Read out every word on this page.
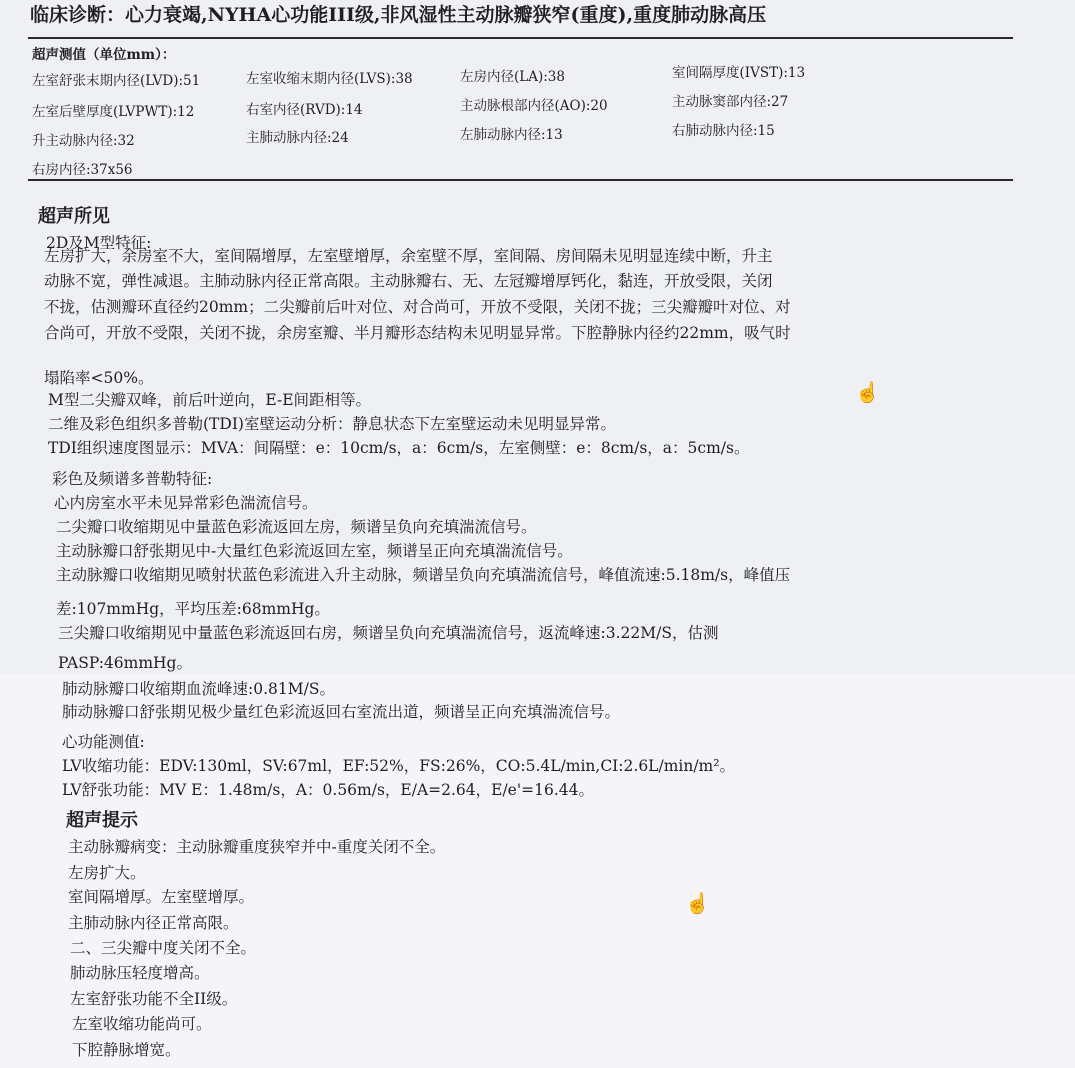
临床诊断：心力衰竭,NYHA心功能III级,非风湿性主动脉瓣狭窄(重度),重度肺动脉高压
超声测值（单位mm）：
左室舒张末期内径(LVD):51	左室收缩末期内径(LVS):38	左房内径(LA):38	室间隔厚度(IVST):13
左室后壁厚度(LVPWT):12	右室内径(RVD):14	主动脉根部内径(AO):20	主动脉窦部内径:27
升主动脉内径:32	主肺动脉内径:24	左肺动脉内径:13	右肺动脉内径:15
右房内径:37x56
超声所见
2D及M型特征:
左房扩大，余房室不大，室间隔增厚，左室壁增厚，余室壁不厚，室间隔、房间隔未见明显连续中断，升主
动脉不宽，弹性减退。主肺动脉内径正常高限。主动脉瓣右、无、左冠瓣增厚钙化，黏连，开放受限，关闭
不拢，估测瓣环直径约20mm；二尖瓣前后叶对位、对合尚可，开放不受限，关闭不拢；三尖瓣瓣叶对位、对
合尚可，开放不受限，关闭不拢，余房室瓣、半月瓣形态结构未见明显异常。下腔静脉内径约22mm，吸气时
塌陷率<50%。
M型二尖瓣双峰，前后叶逆向，E-E间距相等。
二维及彩色组织多普勒(TDI)室壁运动分析：静息状态下左室壁运动未见明显异常。
TDI组织速度图显示：MVA：间隔壁：e：10cm/s，a：6cm/s，左室侧壁：e：8cm/s，a：5cm/s。
彩色及频谱多普勒特征:
心内房室水平未见异常彩色湍流信号。
二尖瓣口收缩期见中量蓝色彩流返回左房，频谱呈负向充填湍流信号。
主动脉瓣口舒张期见中-大量红色彩流返回左室，频谱呈正向充填湍流信号。
主动脉瓣口收缩期见喷射状蓝色彩流进入升主动脉，频谱呈负向充填湍流信号，峰值流速:5.18m/s，峰值压
差:107mmHg，平均压差:68mmHg。
三尖瓣口收缩期见中量蓝色彩流返回右房，频谱呈负向充填湍流信号，返流峰速:3.22M/S，估测
PASP:46mmHg。
肺动脉瓣口收缩期血流峰速:0.81M/S。
肺动脉瓣口舒张期见极少量红色彩流返回右室流出道，频谱呈正向充填湍流信号。
心功能测值:
LV收缩功能：EDV:130ml，SV:67ml，EF:52%，FS:26%，CO:5.4L/min,CI:2.6L/min/m²。
LV舒张功能：MV E：1.48m/s，A：0.56m/s，E/A=2.64，E/e'=16.44。
超声提示
主动脉瓣病变：主动脉瓣重度狭窄并中-重度关闭不全。
左房扩大。
室间隔增厚。左室壁增厚。
主肺动脉内径正常高限。
二、三尖瓣中度关闭不全。
肺动脉压轻度增高。
左室舒张功能不全II级。
左室收缩功能尚可。
下腔静脉增宽。
☝
☝
